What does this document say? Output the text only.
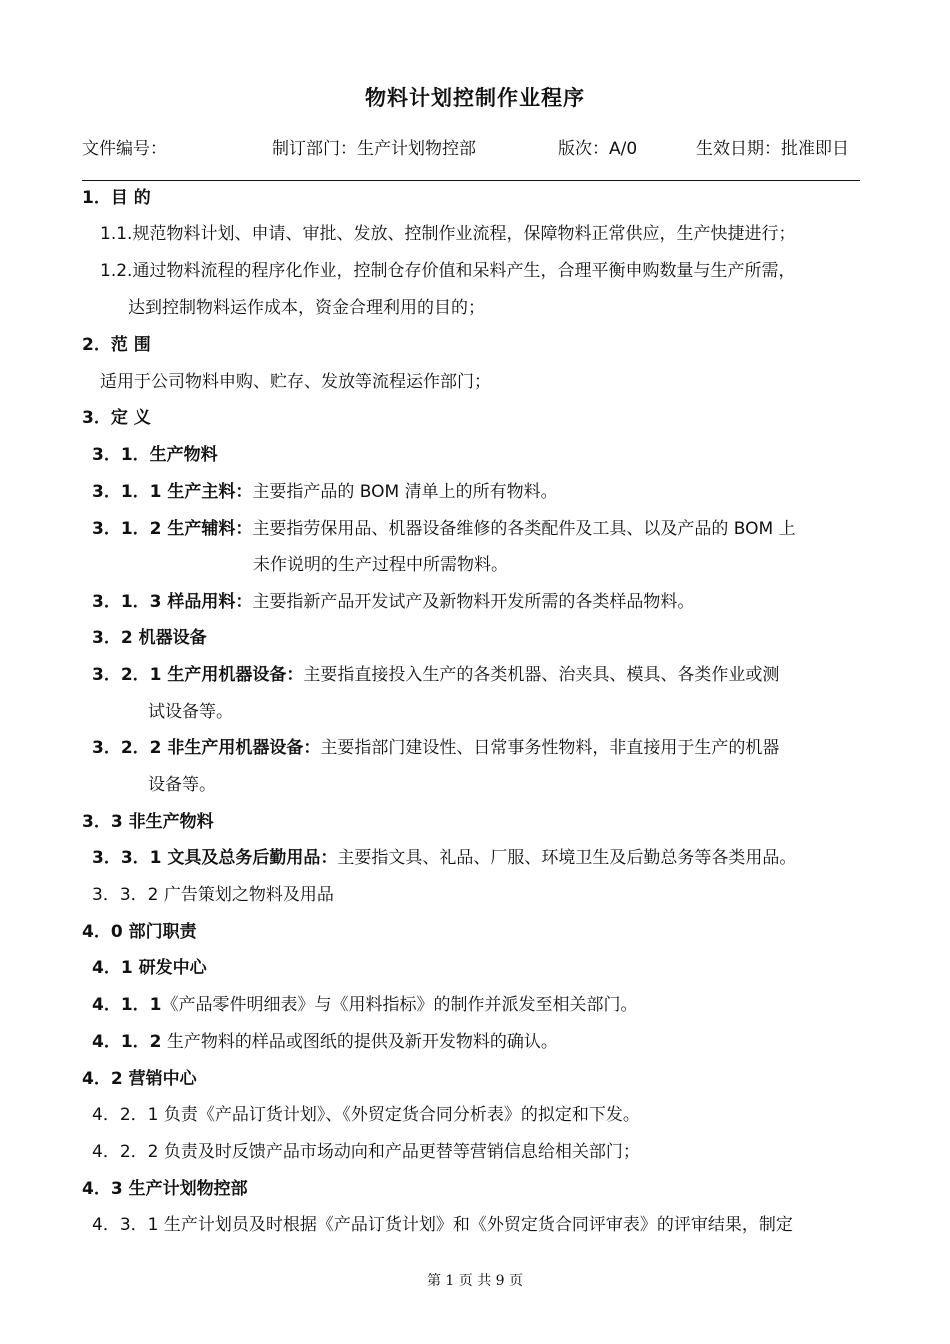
物料计划控制作业程序
文件编号：	制订部门：生产计划物控部	版次：A/0	生效日期：批准即日
1．目 的
1.1.规范物料计划、申请、审批、发放、控制作业流程，保障物料正常供应，生产快捷进行；
1.2.通过物料流程的程序化作业，控制仓存价值和呆料产生，合理平衡申购数量与生产所需，
达到控制物料运作成本，资金合理利用的目的；
2．范 围
适用于公司物料申购、贮存、发放等流程运作部门；
3．定 义
3．1．生产物料
3．1．1 生产主料：主要指产品的 BOM 清单上的所有物料。
3．1．2 生产辅料：主要指劳保用品、机器设备维修的各类配件及工具、以及产品的 BOM 上
未作说明的生产过程中所需物料。
3．1．3 样品用料：主要指新产品开发试产及新物料开发所需的各类样品物料。
3．2 机器设备
3．2．1 生产用机器设备：主要指直接投入生产的各类机器、治夹具、模具、各类作业或测
试设备等。
3．2．2 非生产用机器设备：主要指部门建设性、日常事务性物料，非直接用于生产的机器
设备等。
3．3 非生产物料
3．3．1 文具及总务后勤用品：主要指文具、礼品、厂服、环境卫生及后勤总务等各类用品。
3．3．2 广告策划之物料及用品
4．0 部门职责
4．1 研发中心
4．1．1《产品零件明细表》与《用料指标》的制作并派发至相关部门。
4．1．2 生产物料的样品或图纸的提供及新开发物料的确认。
4．2 营销中心
4．2．1 负责《产品订货计划》、《外贸定货合同分析表》的拟定和下发。
4．2．2 负责及时反馈产品市场动向和产品更替等营销信息给相关部门；
4．3 生产计划物控部
4．3．1 生产计划员及时根据《产品订货计划》和《外贸定货合同评审表》的评审结果，制定
第 1 页 共 9 页
